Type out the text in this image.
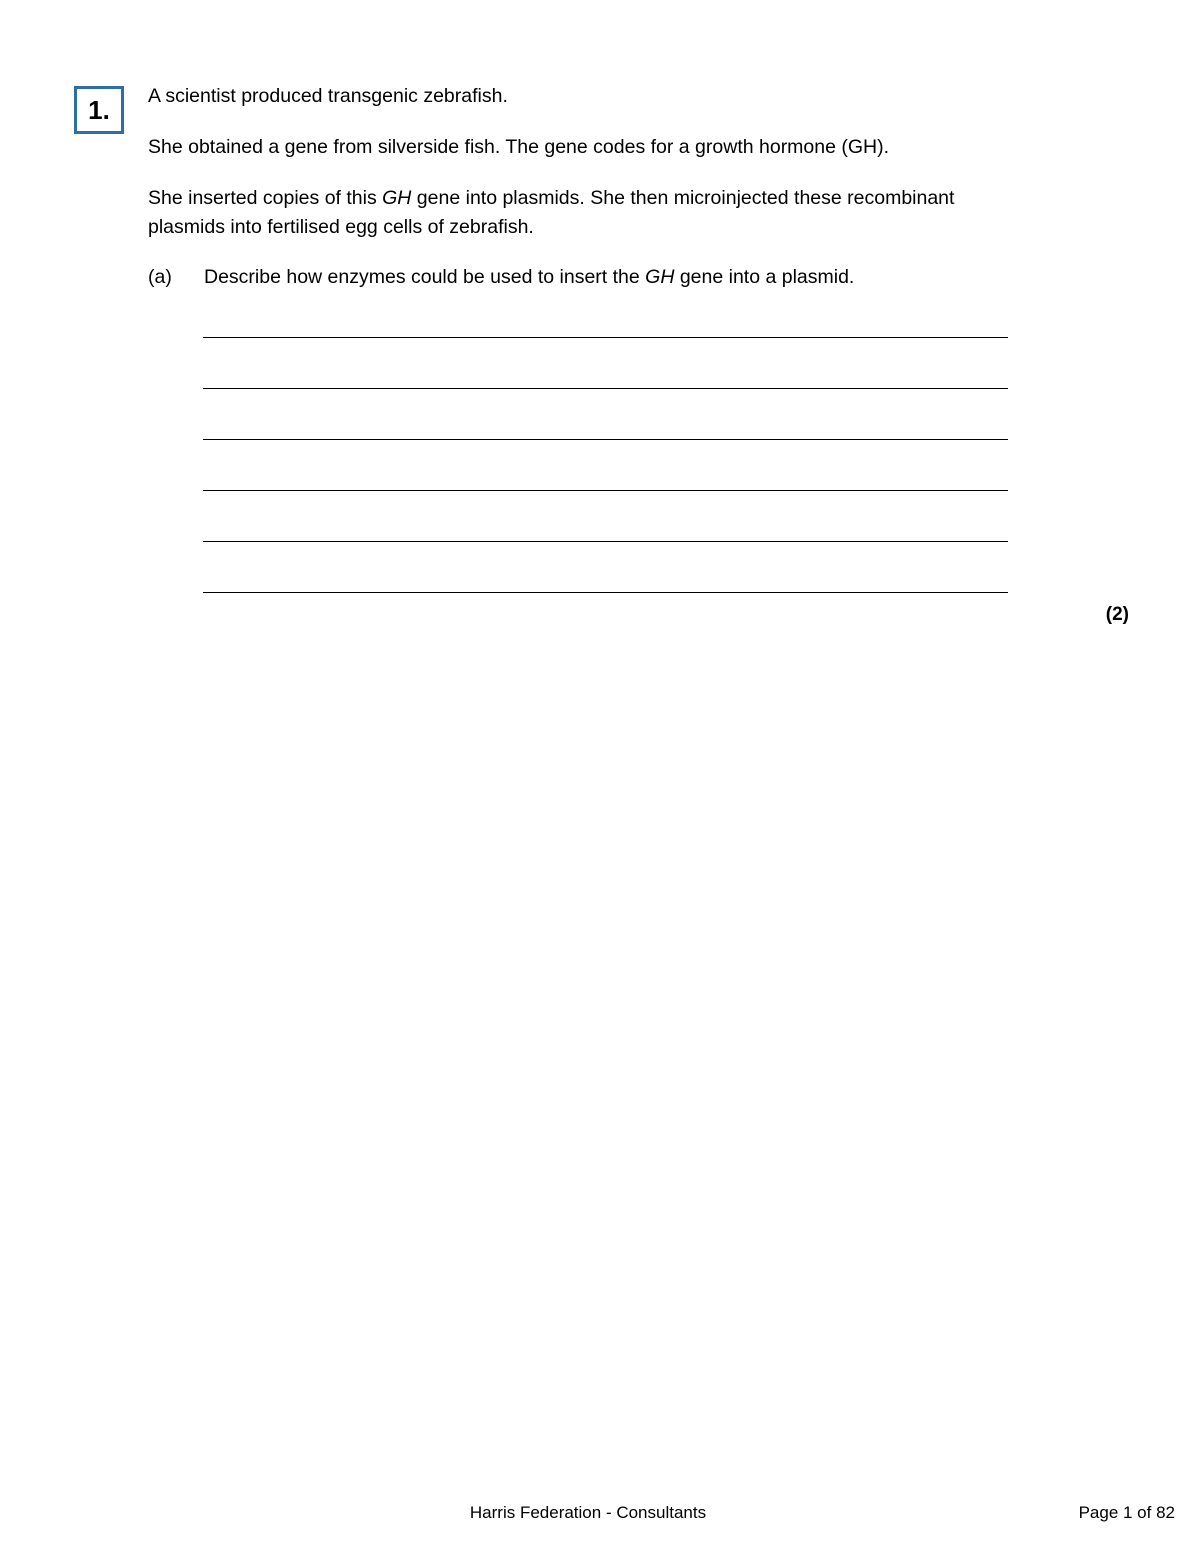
1. A scientist produced transgenic zebrafish.

She obtained a gene from silverside fish. The gene codes for a growth hormone (GH).

She inserted copies of this GH gene into plasmids. She then microinjected these recombinant
plasmids into fertilised egg cells of zebrafish.

(a) Describe how enzymes could be used to insert the GH gene into a plasmid.
(2)
Harris Federation - Consultants	Page 1 of 82
